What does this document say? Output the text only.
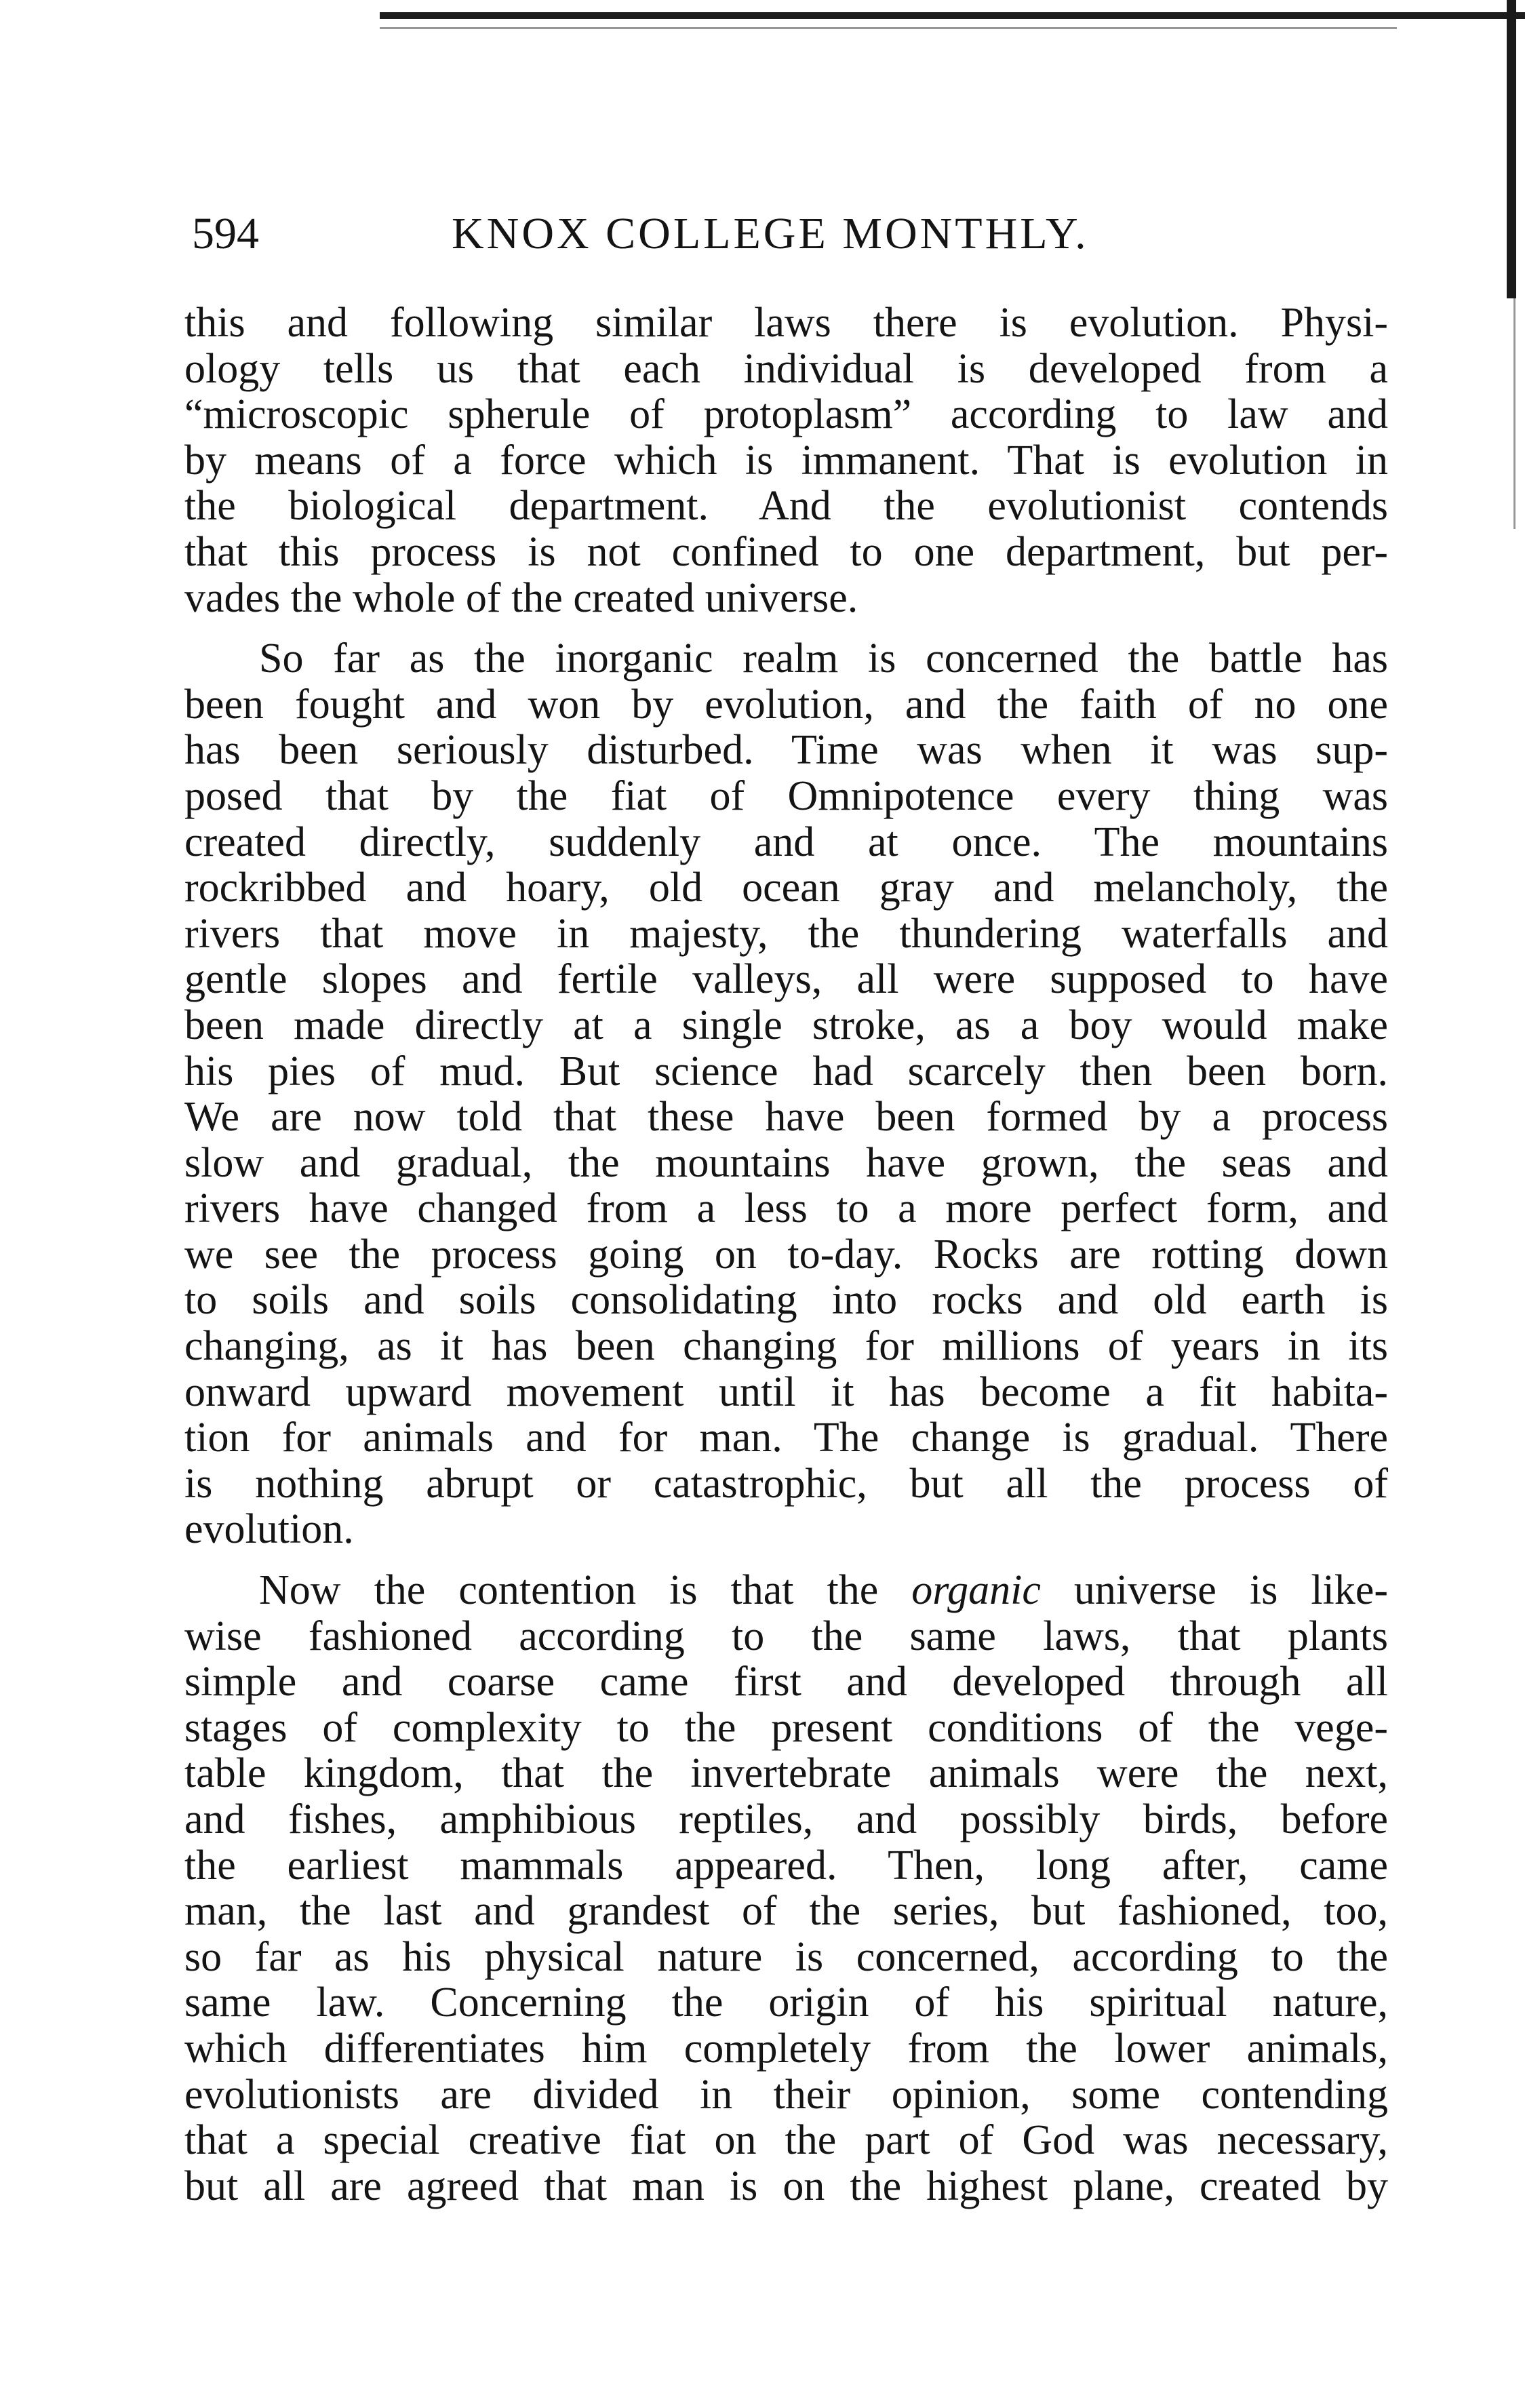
594	KNOX COLLEGE MONTHLY.

this and following similar laws there is evolution. Physi-
ology tells us that each individual is developed from a
“microscopic spherule of protoplasm” according to law and
by means of a force which is immanent. That is evolution in
the biological department. And the evolutionist contends
that this process is not confined to one department, but per-
vades the whole of the created universe.

So far as the inorganic realm is concerned the battle has
been fought and won by evolution, and the faith of no one
has been seriously disturbed. Time was when it was sup-
posed that by the fiat of Omnipotence every thing was
created directly, suddenly and at once. The mountains
rockribbed and hoary, old ocean gray and melancholy, the
rivers that move in majesty, the thundering waterfalls and
gentle slopes and fertile valleys, all were supposed to have
been made directly at a single stroke, as a boy would make
his pies of mud. But science had scarcely then been born.
We are now told that these have been formed by a process
slow and gradual, the mountains have grown, the seas and
rivers have changed from a less to a more perfect form, and
we see the process going on to-day. Rocks are rotting down
to soils and soils consolidating into rocks and old earth is
changing, as it has been changing for millions of years in its
onward upward movement until it has become a fit habita-
tion for animals and for man. The change is gradual. There
is nothing abrupt or catastrophic, but all the process of
evolution.

Now the contention is that the organic universe is like-
wise fashioned according to the same laws, that plants
simple and coarse came first and developed through all
stages of complexity to the present conditions of the vege-
table kingdom, that the invertebrate animals were the next,
and fishes, amphibious reptiles, and possibly birds, before
the earliest mammals appeared. Then, long after, came
man, the last and grandest of the series, but fashioned, too,
so far as his physical nature is concerned, according to the
same law. Concerning the origin of his spiritual nature,
which differentiates him completely from the lower animals,
evolutionists are divided in their opinion, some contending
that a special creative fiat on the part of God was necessary,
but all are agreed that man is on the highest plane, created by
